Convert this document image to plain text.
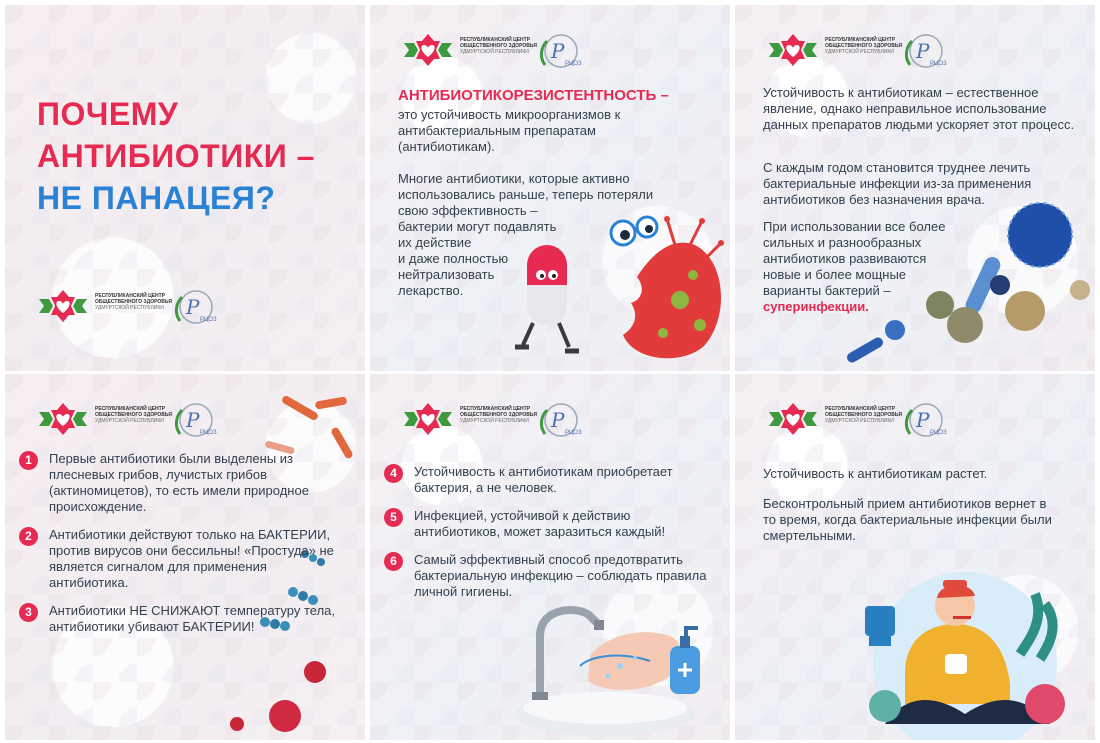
ПОЧЕМУ
АНТИБИОТИКИ –
НЕ ПАНАЦЕЯ?
РЕСПУБЛИКАНСКИЙ ЦЕНТР
ОБЩЕСТВЕННОГО ЗДОРОВЬЯ
УДМУРТСКОЙ РЕСПУБЛИКИ	Р
РЦОЗ
РЕСПУБЛИКАНСКИЙ ЦЕНТР
ОБЩЕСТВЕННОГО ЗДОРОВЬЯ
УДМУРТСКОЙ РЕСПУБЛИКИ	Р
РЦОЗ
АНТИБИОТИКОРЕЗИСТЕНТНОСТЬ –
это устойчивость микроорганизмов к антибактериальным препаратам (антибиотикам).
Многие антибиотики, которые активно
использовались раньше, теперь потеряли
свою эффективность –
бактерии могут подавлять
их действие
и даже полностью
нейтрализовать
лекарство.
РЕСПУБЛИКАНСКИЙ ЦЕНТР
ОБЩЕСТВЕННОГО ЗДОРОВЬЯ
УДМУРТСКОЙ РЕСПУБЛИКИ	Р
РЦОЗ
Устойчивость к антибиотикам – естественное явление, однако неправильное использование данных препаратов людьми ускоряет этот процесс.
С каждым годом становится труднее лечить бактериальные инфекции из-за применения антибиотиков без назначения врача.
При использовании все более
сильных и разнообразных
антибиотиков развиваются
новые и более мощные
варианты бактерий –
суперинфекции.
РЕСПУБЛИКАНСКИЙ ЦЕНТР
ОБЩЕСТВЕННОГО ЗДОРОВЬЯ
УДМУРТСКОЙ РЕСПУБЛИКИ	Р
РЦОЗ
1	Первые антибиотики были выделены из плесневых грибов, лучистых грибов (актиномицетов), то есть имели природное происхождение.
2	Антибиотики действуют только на БАКТЕРИИ, против вирусов они бессильны! «Простуда» не является сигналом для применения антибиотика.
3	Антибиотики НЕ СНИЖАЮТ температуру тела, антибиотики убивают БАКТЕРИИ!
РЕСПУБЛИКАНСКИЙ ЦЕНТР
ОБЩЕСТВЕННОГО ЗДОРОВЬЯ
УДМУРТСКОЙ РЕСПУБЛИКИ	Р
РЦОЗ
4	Устойчивость к антибиотикам приобретает бактерия, а не человек.
5	Инфекцией, устойчивой к действию антибиотиков, может заразиться каждый!
6	Самый эффективный способ предотвратить бактериальную инфекцию – соблюдать правила личной гигиены.
РЕСПУБЛИКАНСКИЙ ЦЕНТР
ОБЩЕСТВЕННОГО ЗДОРОВЬЯ
УДМУРТСКОЙ РЕСПУБЛИКИ	Р
РЦОЗ
Устойчивость к антибиотикам растет.
Бесконтрольный прием антибиотиков вернет в то время, когда бактериальные инфекции были смертельными.
